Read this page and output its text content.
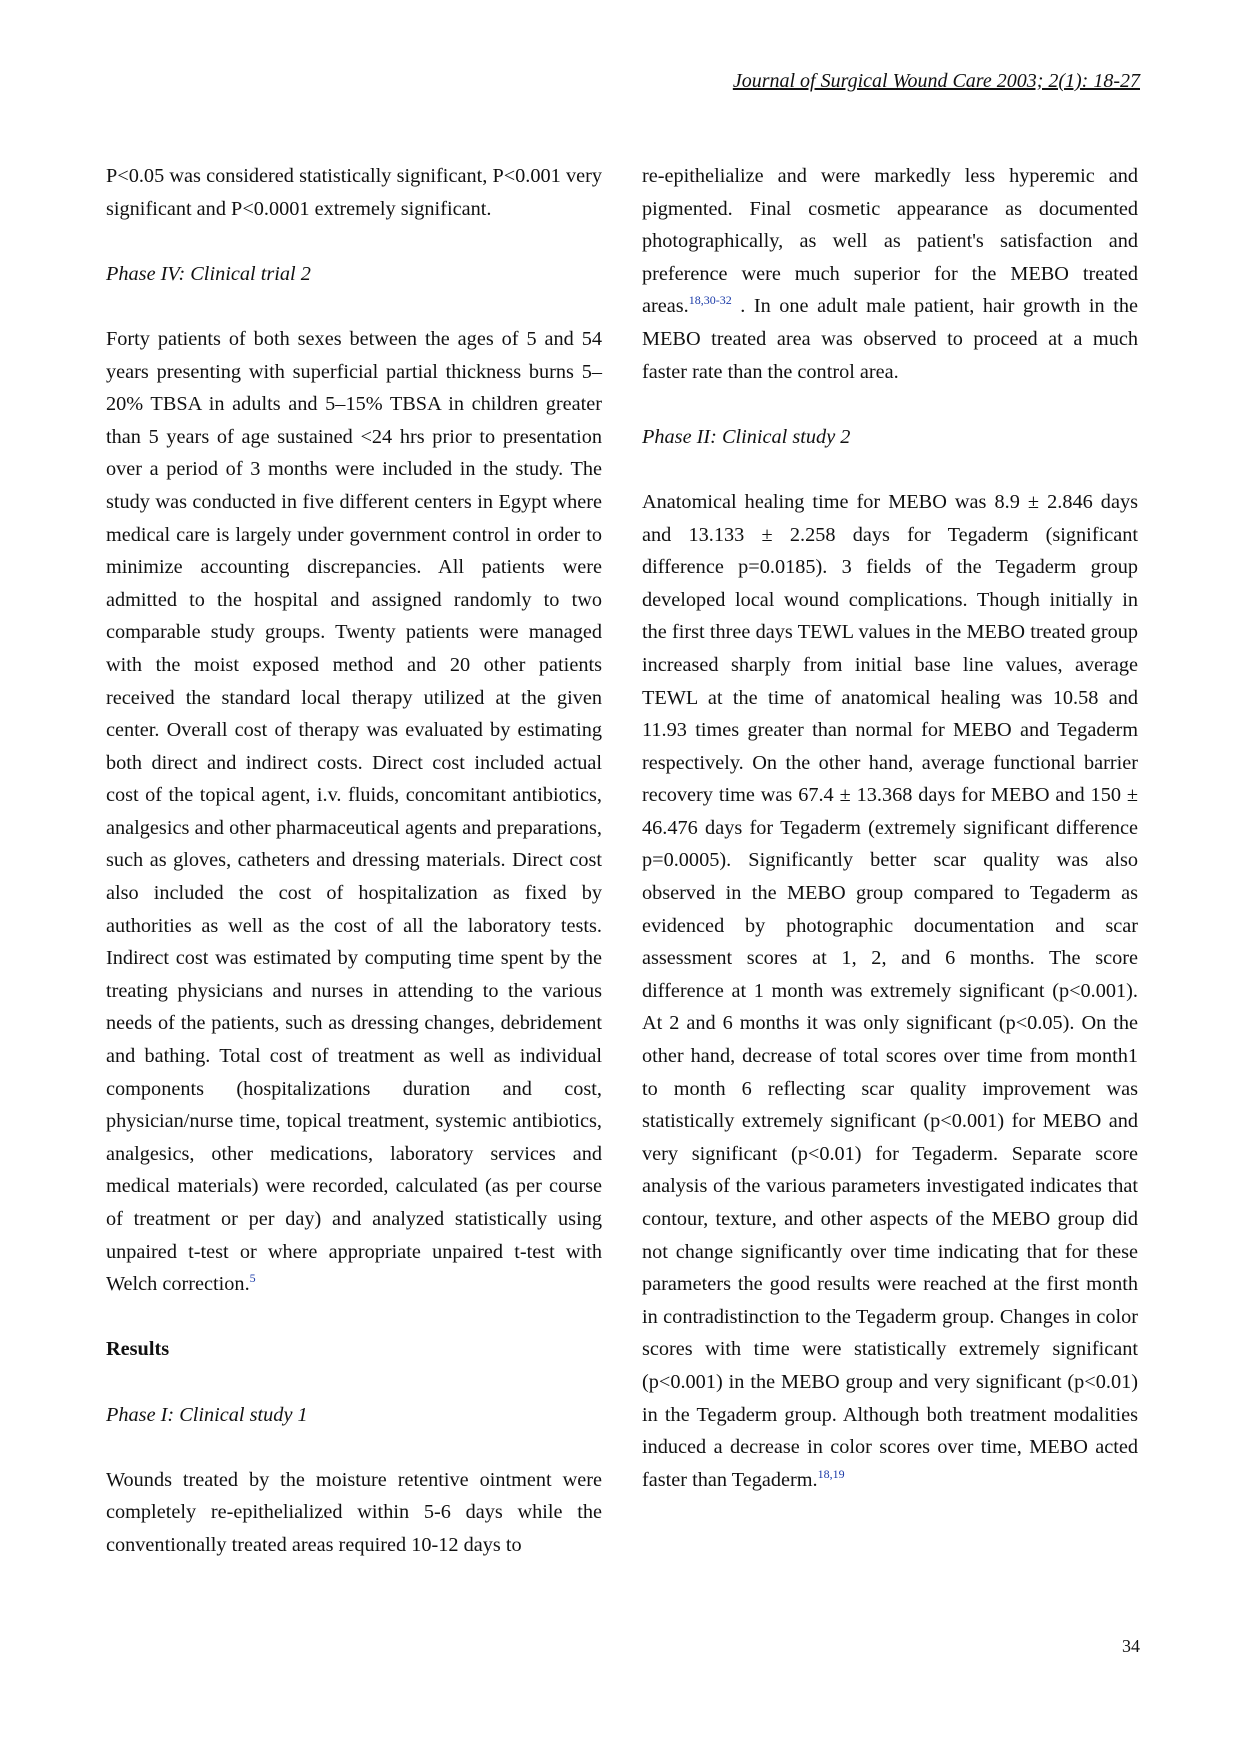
Journal of Surgical Wound Care 2003; 2(1): 18-27

P<0.05 was considered statistically significant, P<0.001 very significant and P<0.0001 extremely significant.

Phase IV: Clinical trial 2

Forty patients of both sexes between the ages of 5 and 54 years presenting with superficial partial thickness burns 5–20% TBSA in adults and 5–15% TBSA in children greater than 5 years of age sustained <24 hrs prior to presentation over a period of 3 months were included in the study. The study was conducted in five different centers in Egypt where medical care is largely under government control in order to minimize accounting discrepancies. All patients were admitted to the hospital and assigned randomly to two comparable study groups. Twenty patients were managed with the moist exposed method and 20 other patients received the standard local therapy utilized at the given center. Overall cost of therapy was evaluated by estimating both direct and indirect costs. Direct cost included actual cost of the topical agent, i.v. fluids, concomitant antibiotics, analgesics and other pharmaceutical agents and preparations, such as gloves, catheters and dressing materials. Direct cost also included the cost of hospitalization as fixed by authorities as well as the cost of all the laboratory tests. Indirect cost was estimated by computing time spent by the treating physicians and nurses in attending to the various needs of the patients, such as dressing changes, debridement and bathing. Total cost of treatment as well as individual components (hospitalizations duration and cost, physician/nurse time, topical treatment, systemic antibiotics, analgesics, other medications, laboratory services and medical materials) were recorded, calculated (as per course of treatment or per day) and analyzed statistically using unpaired t-test or where appropriate unpaired t-test with Welch correction.$^5$

Results

Phase I: Clinical study 1

Wounds treated by the moisture retentive ointment were completely re-epithelialized within 5-6 days while the conventionally treated areas required 10-12 days to

re-epithelialize and were markedly less hyperemic and pigmented. Final cosmetic appearance as documented photographically, as well as patient's satisfaction and preference were much superior for the MEBO treated areas.$^{18,30-32}$ . In one adult male patient, hair growth in the MEBO treated area was observed to proceed at a much faster rate than the control area.

Phase II: Clinical study 2

Anatomical healing time for MEBO was 8.9 ± 2.846 days and 13.133 ± 2.258 days for Tegaderm (significant difference p=0.0185). 3 fields of the Tegaderm group developed local wound complications. Though initially in the first three days TEWL values in the MEBO treated group increased sharply from initial base line values, average TEWL at the time of anatomical healing was 10.58 and 11.93 times greater than normal for MEBO and Tegaderm respectively. On the other hand, average functional barrier recovery time was 67.4 ± 13.368 days for MEBO and 150 ± 46.476 days for Tegaderm (extremely significant difference p=0.0005). Significantly better scar quality was also observed in the MEBO group compared to Tegaderm as evidenced by photographic documentation and scar assessment scores at 1, 2, and 6 months. The score difference at 1 month was extremely significant (p<0.001). At 2 and 6 months it was only significant (p<0.05). On the other hand, decrease of total scores over time from month1 to month 6 reflecting scar quality improvement was statistically extremely significant (p<0.001) for MEBO and very significant (p<0.01) for Tegaderm. Separate score analysis of the various parameters investigated indicates that contour, texture, and other aspects of the MEBO group did not change significantly over time indicating that for these parameters the good results were reached at the first month in contradistinction to the Tegaderm group. Changes in color scores with time were statistically extremely significant (p<0.001) in the MEBO group and very significant (p<0.01) in the Tegaderm group. Although both treatment modalities induced a decrease in color scores over time, MEBO acted faster than Tegaderm.$^{18,19}$

34
